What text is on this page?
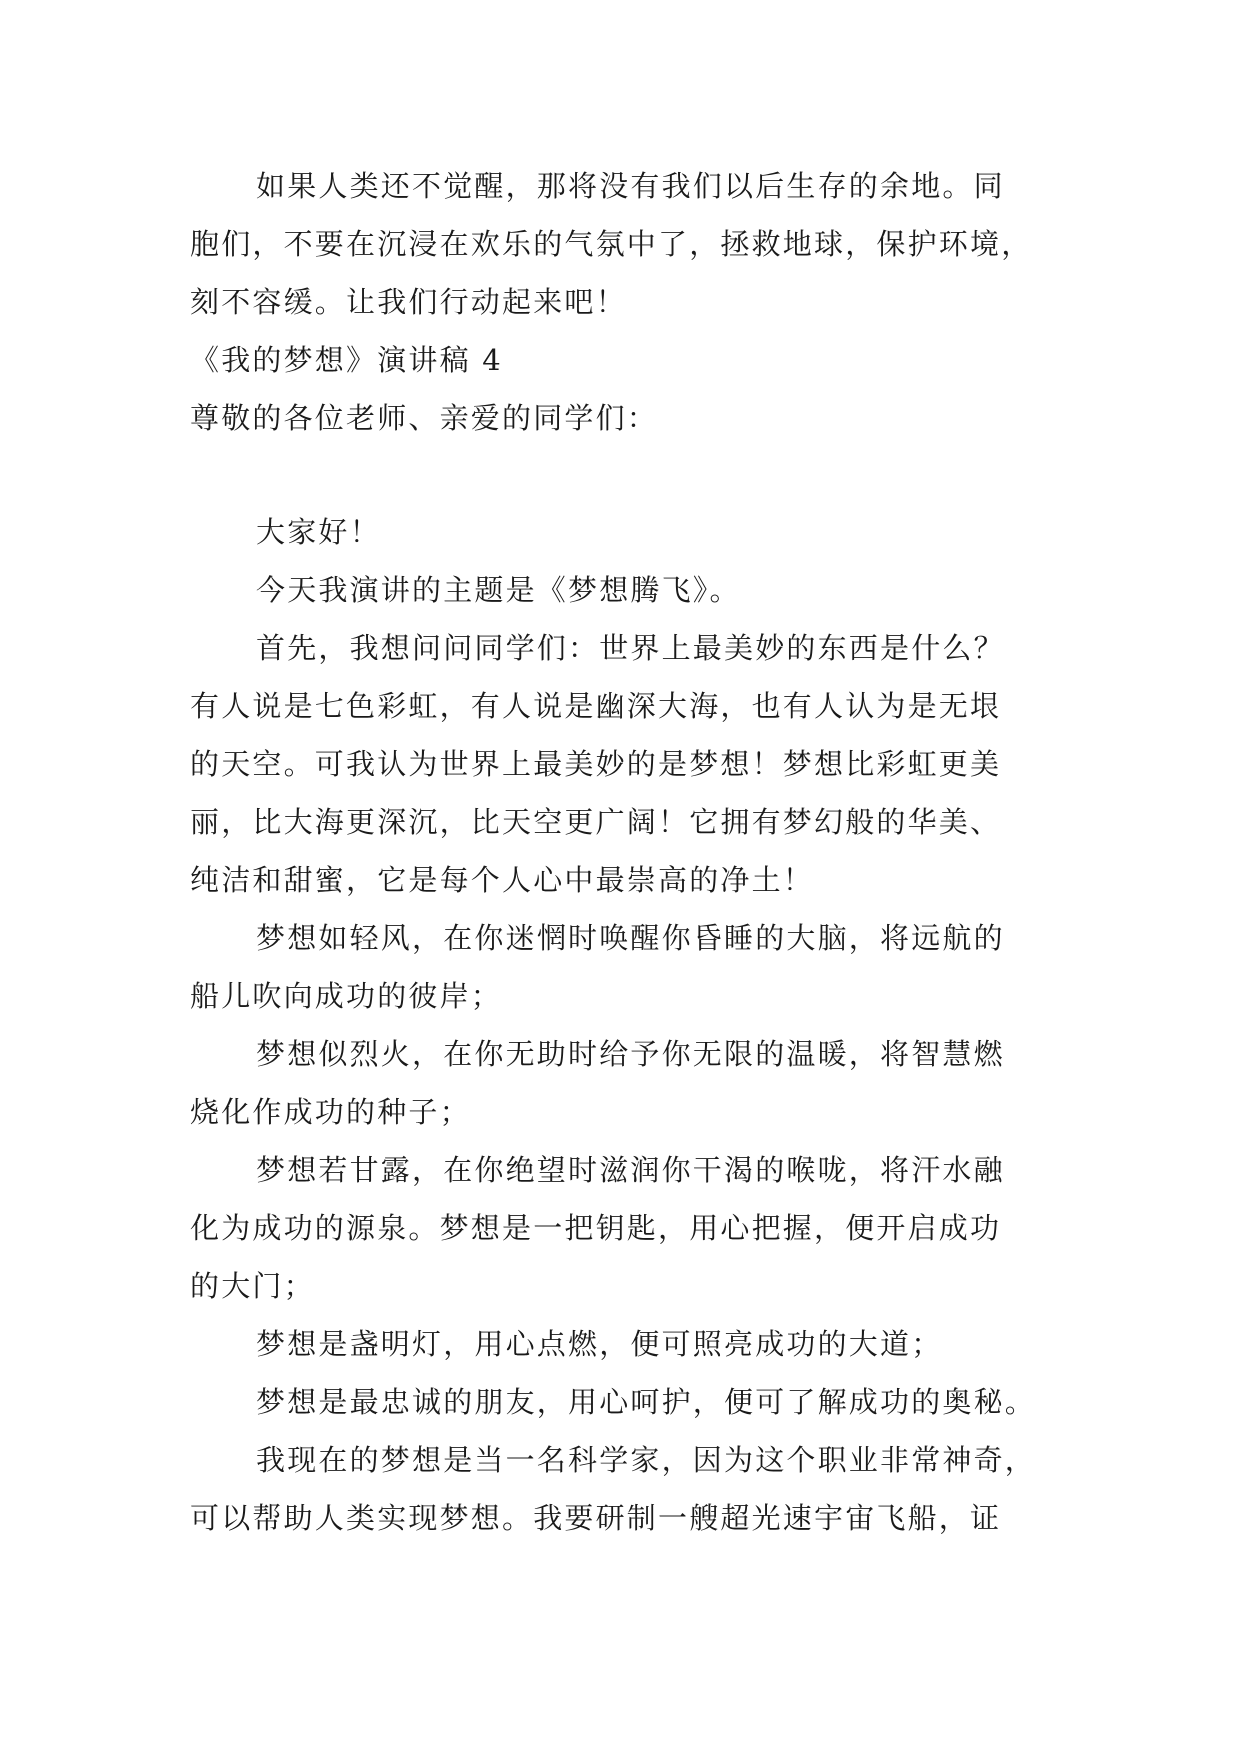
如果人类还不觉醒，那将没有我们以后生存的余地。同
胞们，不要在沉浸在欢乐的气氛中了，拯救地球，保护环境，
刻不容缓。让我们行动起来吧！
《我的梦想》演讲稿 4
尊敬的各位老师、亲爱的同学们：
大家好！
今天我演讲的主题是《梦想腾飞》。
首先，我想问问同学们：世界上最美妙的东西是什么？
有人说是七色彩虹，有人说是幽深大海，也有人认为是无垠
的天空。可我认为世界上最美妙的是梦想！梦想比彩虹更美
丽，比大海更深沉，比天空更广阔！它拥有梦幻般的华美、
纯洁和甜蜜，它是每个人心中最崇高的净土！
梦想如轻风，在你迷惘时唤醒你昏睡的大脑，将远航的
船儿吹向成功的彼岸；
梦想似烈火，在你无助时给予你无限的温暖，将智慧燃
烧化作成功的种子；
梦想若甘露，在你绝望时滋润你干渴的喉咙，将汗水融
化为成功的源泉。梦想是一把钥匙，用心把握，便开启成功
的大门；
梦想是盏明灯，用心点燃，便可照亮成功的大道；
梦想是最忠诚的朋友，用心呵护，便可了解成功的奥秘。
我现在的梦想是当一名科学家，因为这个职业非常神奇，
可以帮助人类实现梦想。我要研制一艘超光速宇宙飞船，证
